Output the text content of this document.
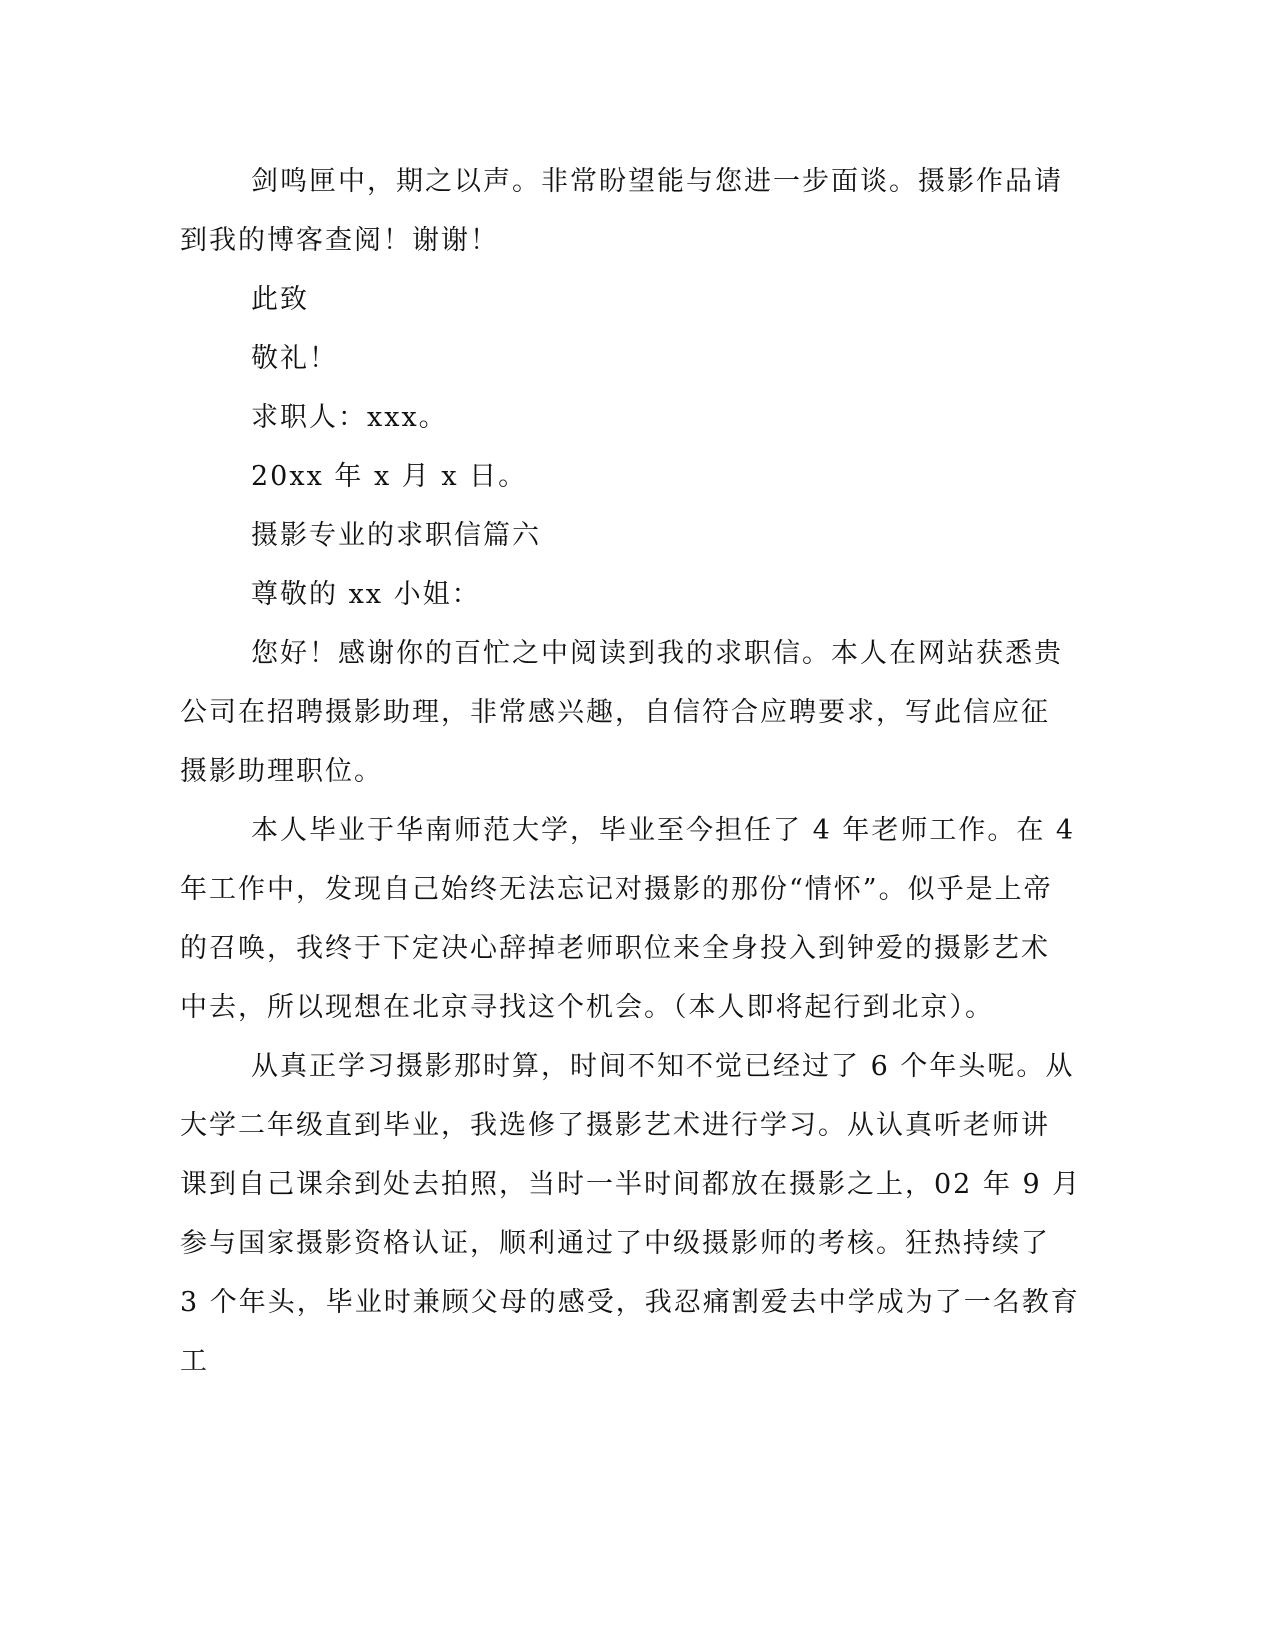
剑鸣匣中，期之以声。非常盼望能与您进一步面谈。摄影作品请
到我的博客查阅！谢谢！
此致
敬礼！
求职人：xxx。
20xx 年 x 月 x 日。
摄影专业的求职信篇六
尊敬的 xx 小姐：
您好！感谢你的百忙之中阅读到我的求职信。本人在网站获悉贵
公司在招聘摄影助理，非常感兴趣，自信符合应聘要求，写此信应征
摄影助理职位。
本人毕业于华南师范大学，毕业至今担任了 4 年老师工作。在 4
年工作中，发现自己始终无法忘记对摄影的那份“情怀”。似乎是上帝
的召唤，我终于下定决心辞掉老师职位来全身投入到钟爱的摄影艺术
中去，所以现想在北京寻找这个机会。（本人即将起行到北京）。
从真正学习摄影那时算，时间不知不觉已经过了 6 个年头呢。从
大学二年级直到毕业，我选修了摄影艺术进行学习。从认真听老师讲
课到自己课余到处去拍照，当时一半时间都放在摄影之上，02 年 9 月
参与国家摄影资格认证，顺利通过了中级摄影师的考核。狂热持续了
3 个年头，毕业时兼顾父母的感受，我忍痛割爱去中学成为了一名教育
工
